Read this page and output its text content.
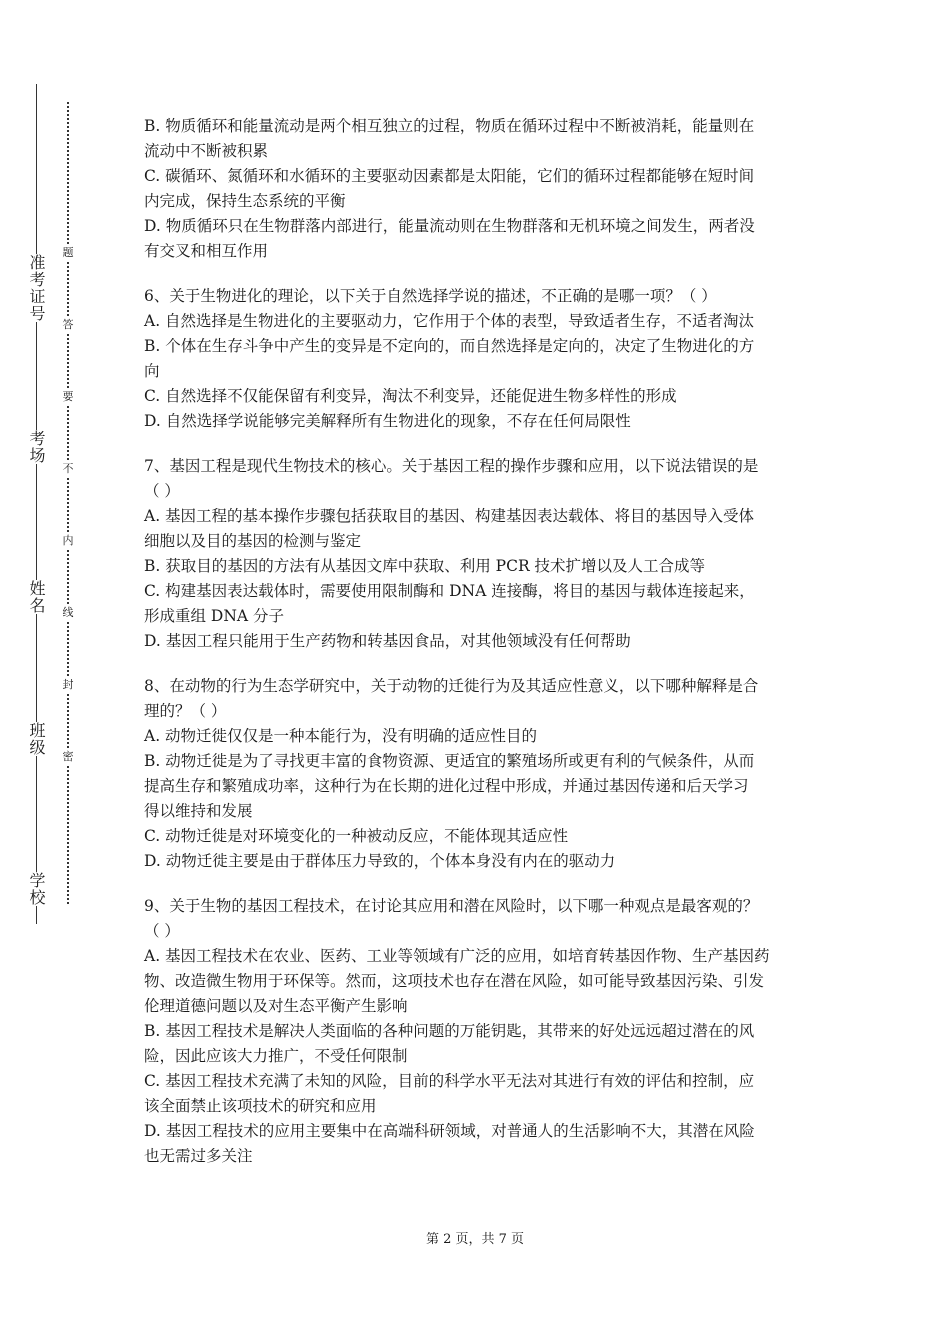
准考证号
考场
姓名
班级
学校
题
答
要
不
内
线
封
密

B. 物质循环和能量流动是两个相互独立的过程，物质在循环过程中不断被消耗，能量则在

流动中不断被积累

C. 碳循环、氮循环和水循环的主要驱动因素都是太阳能，它们的循环过程都能够在短时间

内完成，保持生态系统的平衡

D. 物质循环只在生物群落内部进行，能量流动则在生物群落和无机环境之间发生，两者没

有交叉和相互作用

6、关于生物进化的理论，以下关于自然选择学说的描述，不正确的是哪一项？（ ）

A. 自然选择是生物进化的主要驱动力，它作用于个体的表型，导致适者生存，不适者淘汰

B. 个体在生存斗争中产生的变异是不定向的，而自然选择是定向的，决定了生物进化的方

向

C. 自然选择不仅能保留有利变异，淘汰不利变异，还能促进生物多样性的形成

D. 自然选择学说能够完美解释所有生物进化的现象，不存在任何局限性

7、基因工程是现代生物技术的核心。关于基因工程的操作步骤和应用，以下说法错误的是

（ ）

A. 基因工程的基本操作步骤包括获取目的基因、构建基因表达载体、将目的基因导入受体

细胞以及目的基因的检测与鉴定

B. 获取目的基因的方法有从基因文库中获取、利用 PCR 技术扩增以及人工合成等

C. 构建基因表达载体时，需要使用限制酶和 DNA 连接酶，将目的基因与载体连接起来，

形成重组 DNA 分子

D. 基因工程只能用于生产药物和转基因食品，对其他领域没有任何帮助

8、在动物的行为生态学研究中，关于动物的迁徙行为及其适应性意义，以下哪种解释是合

理的？（ ）

A. 动物迁徙仅仅是一种本能行为，没有明确的适应性目的

B. 动物迁徙是为了寻找更丰富的食物资源、更适宜的繁殖场所或更有利的气候条件，从而

提高生存和繁殖成功率，这种行为在长期的进化过程中形成，并通过基因传递和后天学习

得以维持和发展

C. 动物迁徙是对环境变化的一种被动反应，不能体现其适应性

D. 动物迁徙主要是由于群体压力导致的，个体本身没有内在的驱动力

9、关于生物的基因工程技术，在讨论其应用和潜在风险时，以下哪一种观点是最客观的？

（ ）

A. 基因工程技术在农业、医药、工业等领域有广泛的应用，如培育转基因作物、生产基因药

物、改造微生物用于环保等。然而，这项技术也存在潜在风险，如可能导致基因污染、引发

伦理道德问题以及对生态平衡产生影响

B. 基因工程技术是解决人类面临的各种问题的万能钥匙，其带来的好处远远超过潜在的风

险，因此应该大力推广，不受任何限制

C. 基因工程技术充满了未知的风险，目前的科学水平无法对其进行有效的评估和控制，应

该全面禁止该项技术的研究和应用

D. 基因工程技术的应用主要集中在高端科研领域，对普通人的生活影响不大，其潜在风险

也无需过多关注

第 2 页，共 7 页
